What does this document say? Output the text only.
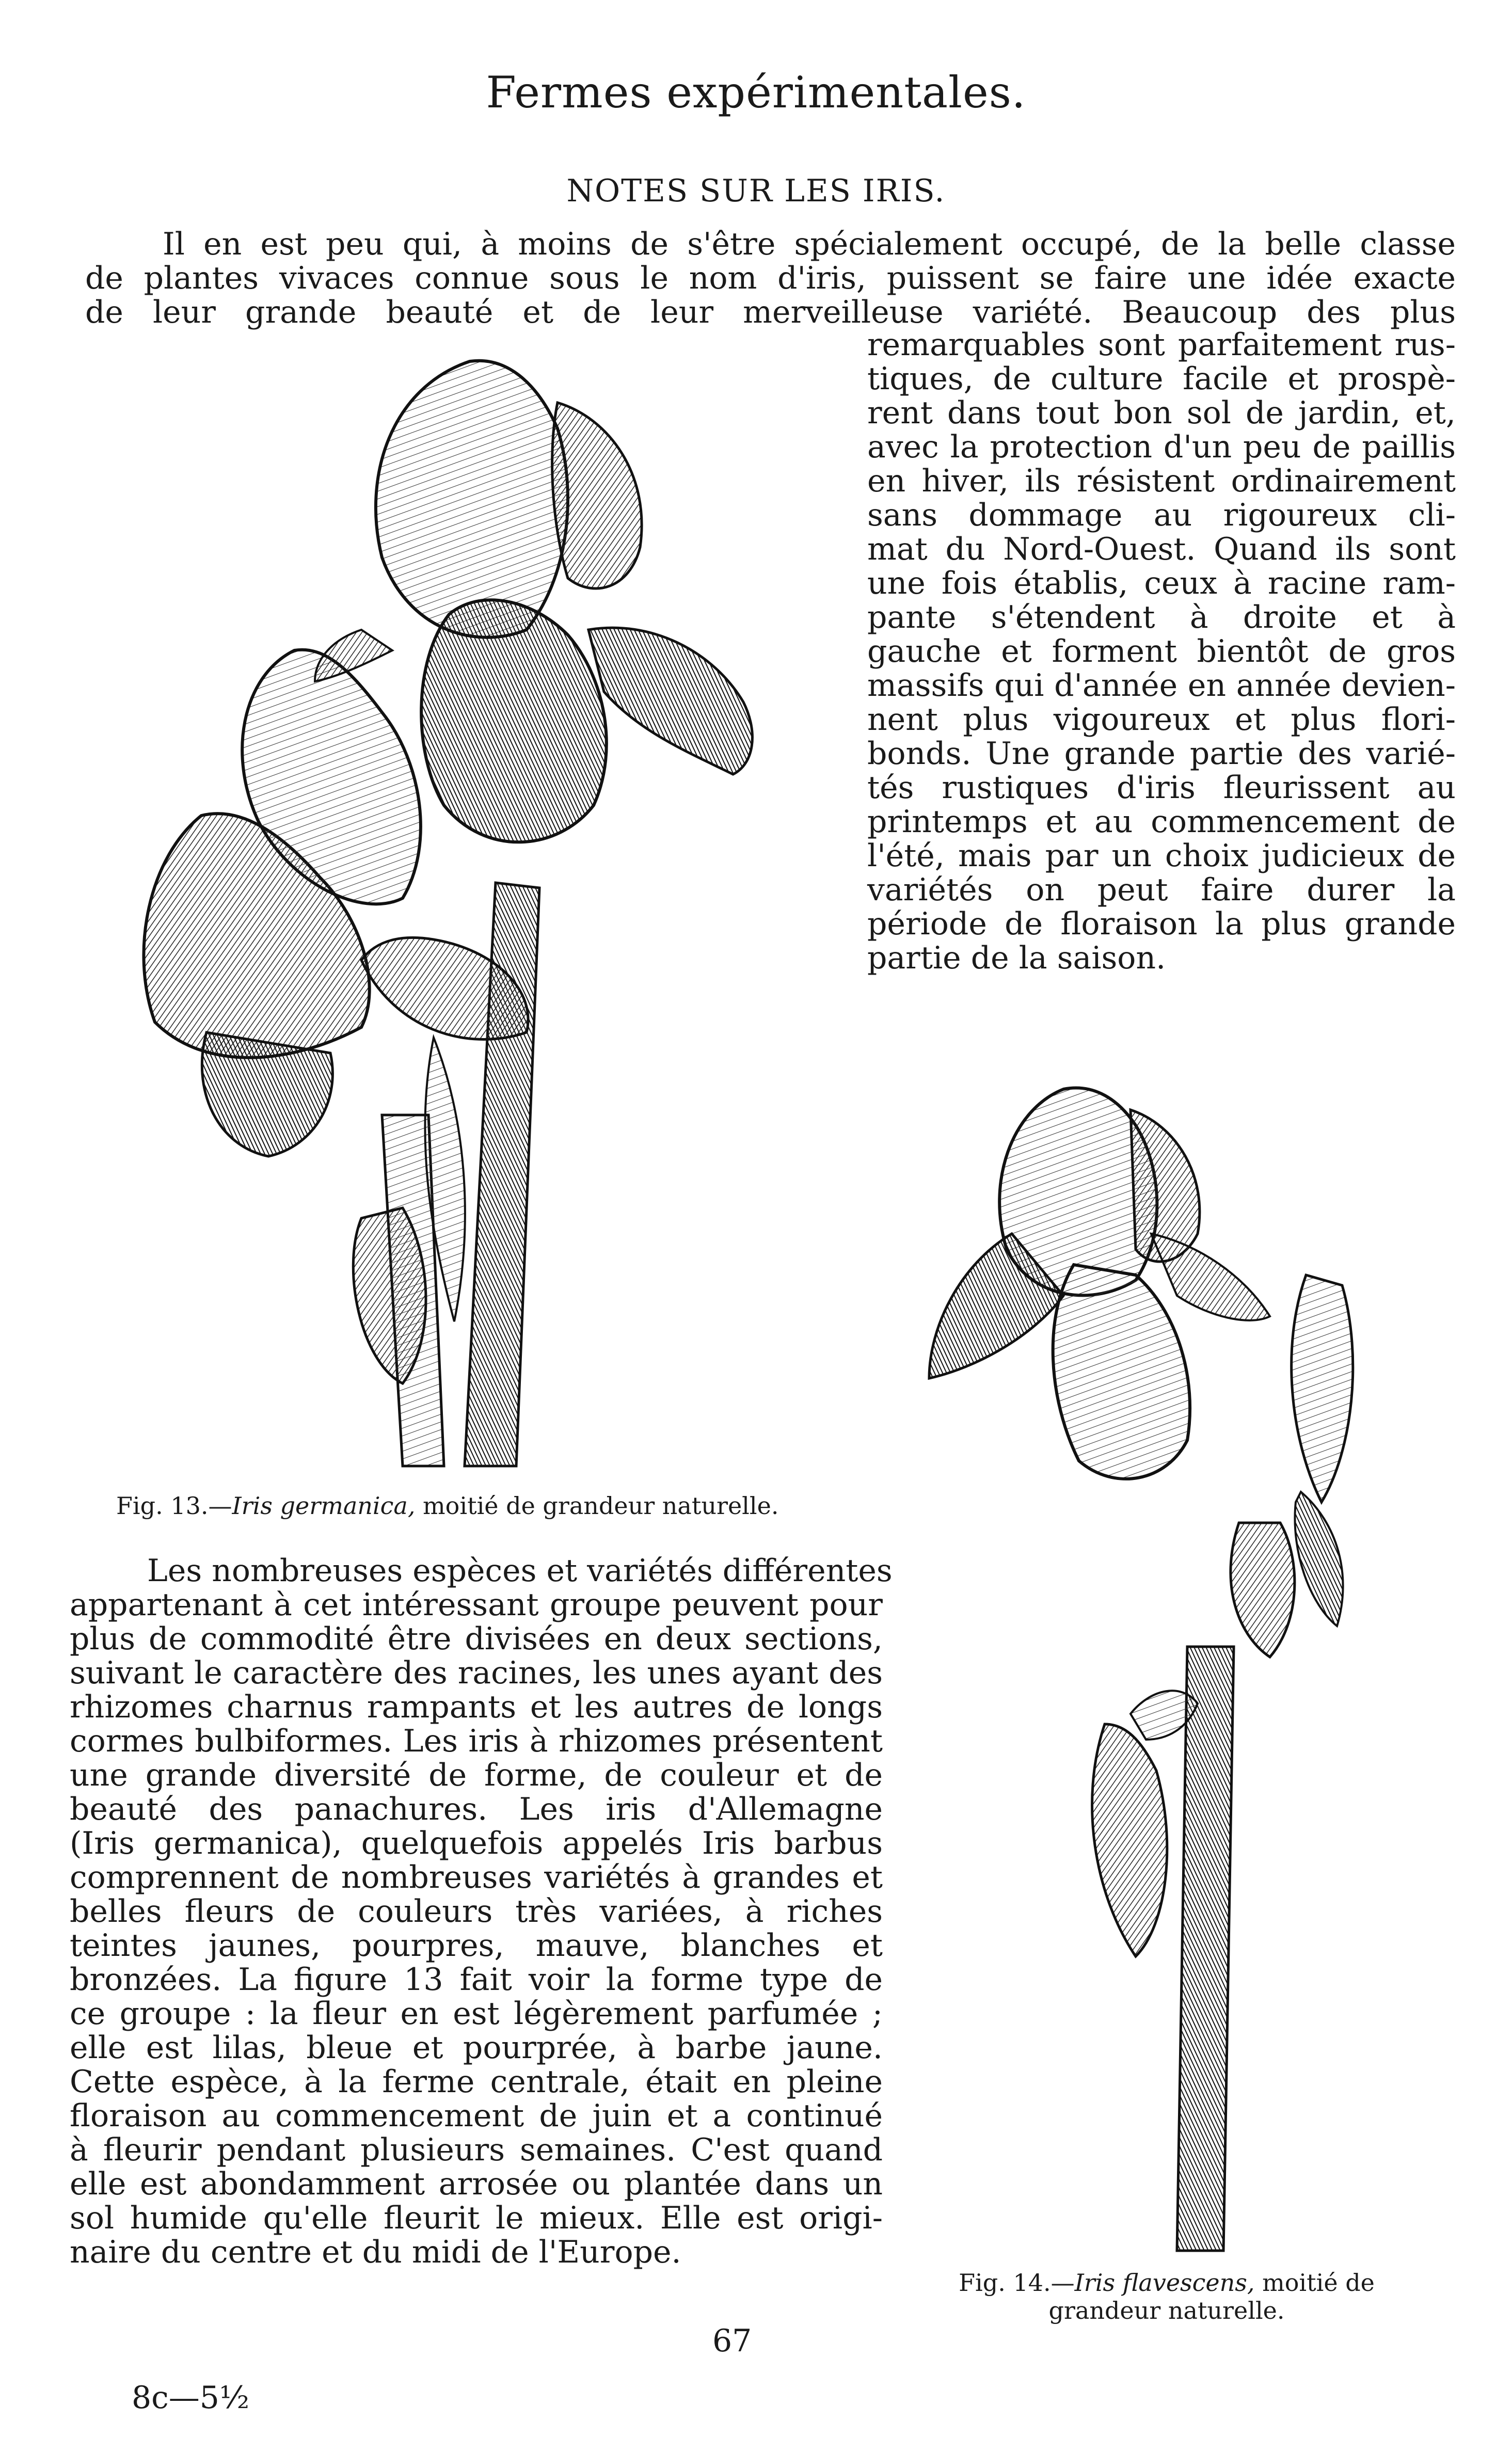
Fermes expérimentales.
NOTES SUR LES IRIS.
Il en est peu qui, à moins de s'être spécialement occupé, de la belle classe
de plantes vivaces connue sous le nom d'iris, puissent se faire une idée exacte
de leur grande beauté et de leur merveilleuse variété. Beaucoup des plus
remarquables sont parfaitement rus-
tiques, de culture facile et prospè-
rent dans tout bon sol de jardin, et,
avec la protection d'un peu de paillis
en hiver, ils résistent ordinairement
sans dommage au rigoureux cli-
mat du Nord-Ouest. Quand ils sont
une fois établis, ceux à racine ram-
pante s'étendent à droite et à
gauche et forment bientôt de gros
massifs qui d'année en année devien-
nent plus vigoureux et plus flori-
bonds. Une grande partie des varié-
tés rustiques d'iris fleurissent au
printemps et au commencement de
l'été, mais par un choix judicieux de
variétés on peut faire durer la
période de floraison la plus grande
partie de la saison.
Fig. 13.—Iris germanica, moitié de grandeur naturelle.
Les nombreuses espèces et variétés différentes
appartenant à cet intéressant groupe peuvent pour
plus de commodité être divisées en deux sections,
suivant le caractère des racines, les unes ayant des
rhizomes charnus rampants et les autres de longs
cormes bulbiformes. Les iris à rhizomes présentent
une grande diversité de forme, de couleur et de
beauté des panachures. Les iris d'Allemagne
(Iris germanica), quelquefois appelés Iris barbus
comprennent de nombreuses variétés à grandes et
belles fleurs de couleurs très variées, à riches
teintes jaunes, pourpres, mauve, blanches et
bronzées. La figure 13 fait voir la forme type de
ce groupe : la fleur en est légèrement parfumée ;
elle est lilas, bleue et pourprée, à barbe jaune.
Cette espèce, à la ferme centrale, était en pleine
floraison au commencement de juin et a continué
à fleurir pendant plusieurs semaines. C'est quand
elle est abondamment arrosée ou plantée dans un
sol humide qu'elle fleurit le mieux. Elle est origi-
naire du centre et du midi de l'Europe.
Fig. 14.—Iris flavescens, moitié de
grandeur naturelle.
67
8c—5½
